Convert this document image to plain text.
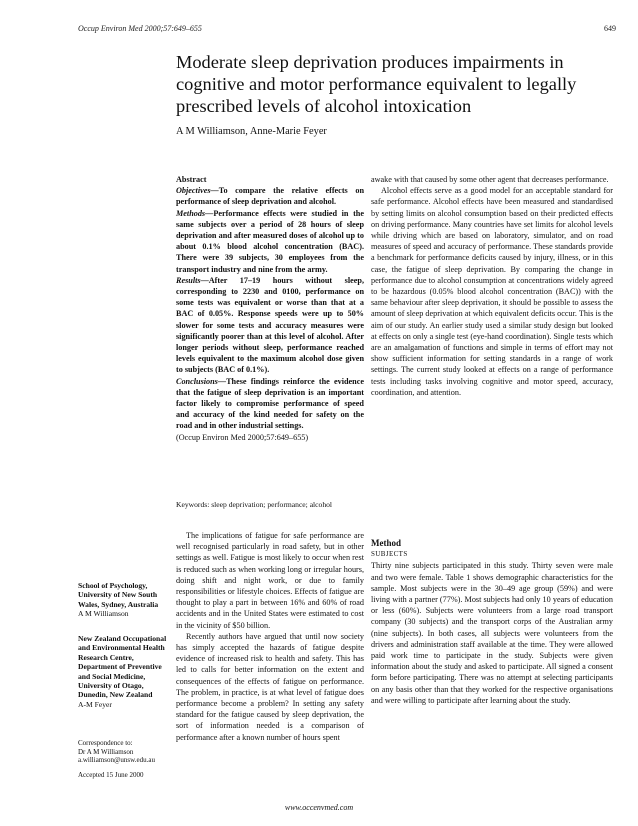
Occup Environ Med 2000;57:649–655	649
Moderate sleep deprivation produces impairments in cognitive and motor performance equivalent to legally prescribed levels of alcohol intoxication
A M Williamson, Anne-Marie Feyer

Abstract

Objectives—To compare the relative effects on performance of sleep deprivation and alcohol.

Methods—Performance effects were studied in the same subjects over a period of 28 hours of sleep deprivation and after measured doses of alcohol up to about 0.1% blood alcohol concentration (BAC). There were 39 subjects, 30 employees from the transport industry and nine from the army.

Results—After 17–19 hours without sleep, corresponding to 2230 and 0100, performance on some tests was equivalent or worse than that at a BAC of 0.05%. Response speeds were up to 50% slower for some tests and accuracy measures were significantly poorer than at this level of alcohol. After longer periods without sleep, performance reached levels equivalent to the maximum alcohol dose given to subjects (BAC of 0.1%).

Conclusions—These findings reinforce the evidence that the fatigue of sleep deprivation is an important factor likely to compromise performance of speed and accuracy of the kind needed for safety on the road and in other industrial settings.

(Occup Environ Med 2000;57:649–655)

Keywords: sleep deprivation; performance; alcohol

awake with that caused by some other agent that decreases performance.

Alcohol effects serve as a good model for an acceptable standard for safe performance. Alcohol effects have been measured and standardised by setting limits on alcohol consumption based on their predicted effects on driving performance. Many countries have set limits for alcohol levels while driving which are based on laboratory, simulator, and on road measures of speed and accuracy of performance. These standards provide a benchmark for performance deficits caused by injury, illness, or in this case, the fatigue of sleep deprivation. By comparing the change in performance due to alcohol consumption at concentrations widely agreed to be hazardous (0.05% blood alcohol concentration (BAC)) with the same behaviour after sleep deprivation, it should be possible to assess the amount of sleep deprivation at which equivalent deficits occur. This is the aim of our study. An earlier study used a similar study design but looked at effects on only a single test (eye-hand coordination). Single tests which are an amalgamation of functions and simple in terms of effort may not show sufficient information for setting standards in a range of work settings. The current study looked at effects on a range of performance tests including tasks involving cognitive and motor speed, accuracy, coordination, and attention.

The implications of fatigue for safe performance are well recognised particularly in road safety, but in other settings as well. Fatigue is most likely to occur when rest is reduced such as when working long or irregular hours, doing shift and night work, or due to family responsibilities or lifestyle choices. Effects of fatigue are thought to play a part in between 16% and 60% of road accidents and in the United States were estimated to cost in the vicinity of $50 billion.

Recently authors have argued that until now society has simply accepted the hazards of fatigue despite evidence of increased risk to health and safety. This has led to calls for better information on the extent and consequences of the effects of fatigue on performance. The problem, in practice, is at what level of fatigue does performance become a problem? In setting any safety standard for the fatigue caused by sleep deprivation, the sort of information needed is a comparison of performance after a known number of hours spent

Method

SUBJECTS

Thirty nine subjects participated in this study. Thirty seven were male and two were female. Table 1 shows demographic characteristics for the sample. Most subjects were in the 30–49 age group (59%) and were living with a partner (77%). Most subjects had only 10 years of education or less (60%). Subjects were volunteers from a large road transport company (30 subjects) and the transport corps of the Australian army (nine subjects). In both cases, all subjects were volunteers from the drivers and administration staff available at the time. They were allowed paid work time to participate in the study. Subjects were given information about the study and asked to participate. All signed a consent form before participating. There was no attempt at selecting participants on any basis other than that they worked for the respective organisations and were willing to participate after learning about the study.

School of Psychology, University of New South Wales, Sydney, Australia
A M Williamson
New Zealand Occupational and Environmental Health Research Centre, Department of Preventive and Social Medicine, University of Otago, Dunedin, New Zealand
A-M Feyer
Correspondence to:
Dr A M Williamson
a.williamson@unsw.edu.au
Accepted 15 June 2000
www.occenvmed.com
